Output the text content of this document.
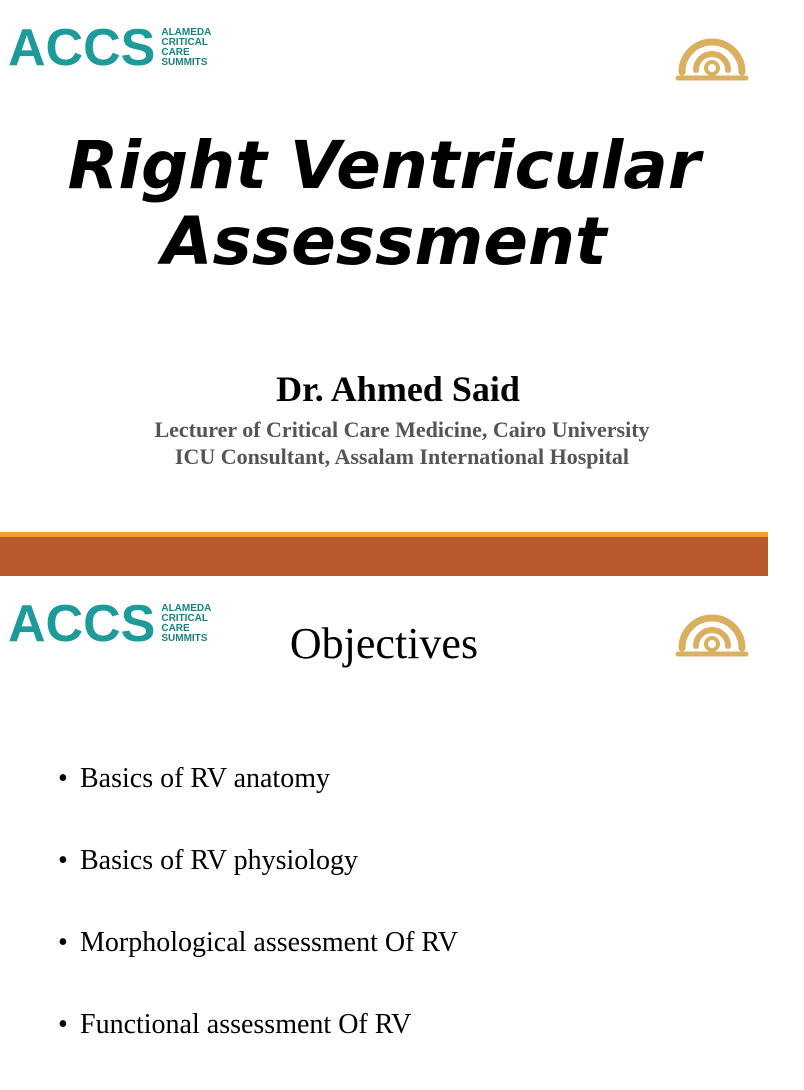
ACCS ALAMEDA
CRITICAL
CARE
SUMMITS
Right Ventricular
Assessment
Dr. Ahmed Said
Lecturer of Critical Care Medicine, Cairo University
ICU Consultant, Assalam International Hospital
ACCS ALAMEDA
CRITICAL
CARE
SUMMITS	Objectives
• Basics of RV anatomy
• Basics of RV physiology
• Morphological assessment Of RV
• Functional assessment Of RV
